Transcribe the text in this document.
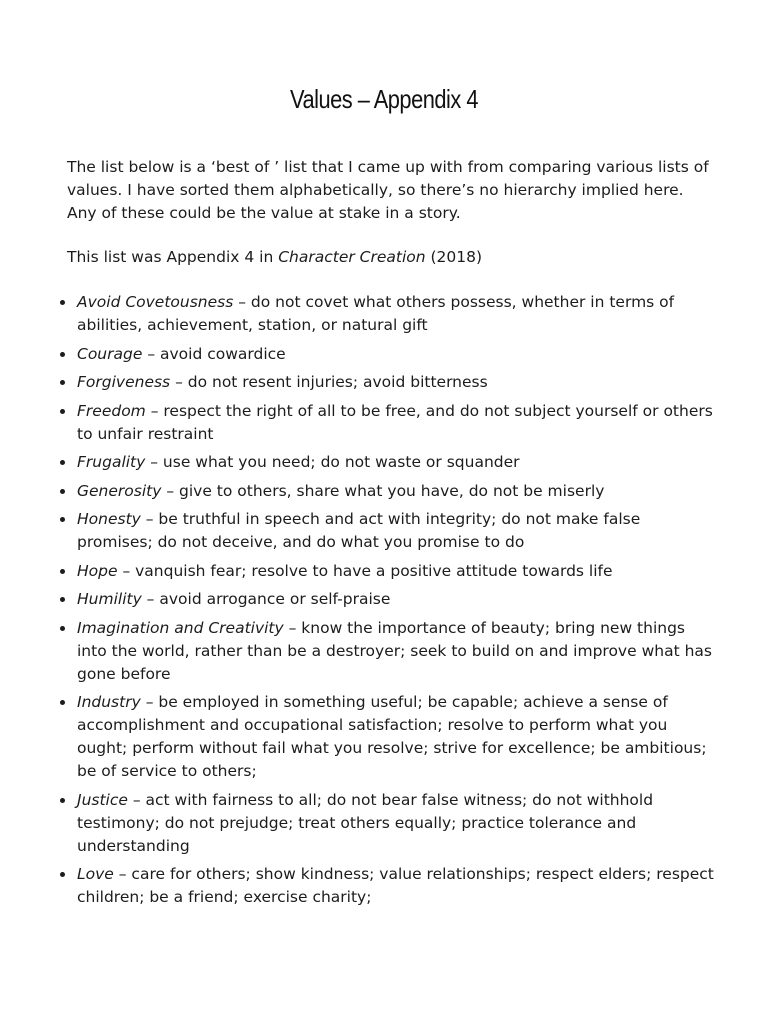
Values – Appendix 4

The list below is a ‘best of ’ list that I came up with from comparing various lists of values. I have sorted them alphabetically, so there’s no hierarchy implied here. Any of these could be the value at stake in a story.

This list was Appendix 4 in Character Creation (2018)

Avoid Covetousness – do not covet what others possess, whether in terms of abilities, achievement, station, or natural gift
Courage – avoid cowardice
Forgiveness – do not resent injuries; avoid bitterness
Freedom – respect the right of all to be free, and do not subject yourself or others to unfair restraint
Frugality – use what you need; do not waste or squander
Generosity – give to others, share what you have, do not be miserly
Honesty – be truthful in speech and act with integrity; do not make false promises; do not deceive, and do what you promise to do
Hope – vanquish fear; resolve to have a positive attitude towards life
Humility – avoid arrogance or self-praise
Imagination and Creativity – know the importance of beauty; bring new things into the world, rather than be a destroyer; seek to build on and improve what has gone before
Industry – be employed in something useful; be capable; achieve a sense of accomplishment and occupational satisfaction; resolve to perform what you ought; perform without fail what you resolve; strive for excellence; be ambitious; be of service to others;
Justice – act with fairness to all; do not bear false witness; do not withhold testimony; do not prejudge; treat others equally; practice tolerance and understanding
Love – care for others; show kindness; value relationships; respect elders; respect children; be a friend; exercise charity;
